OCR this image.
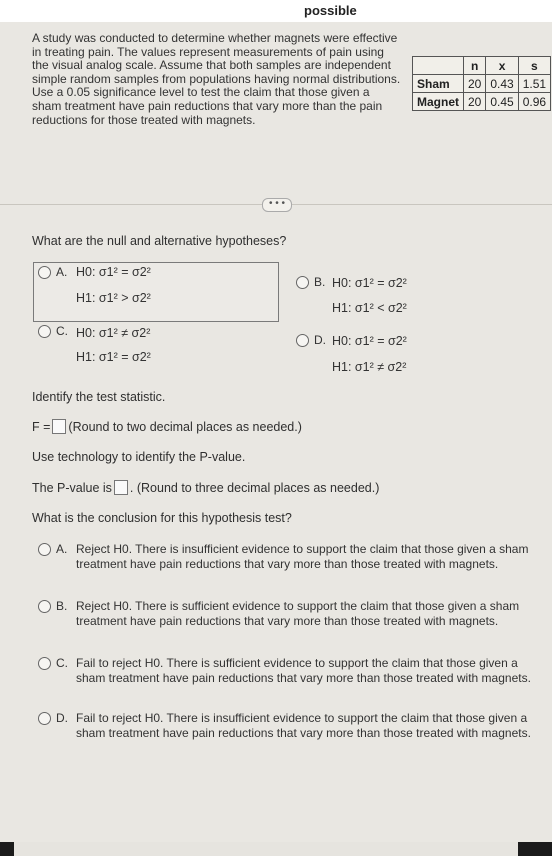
possible
A study was conducted to determine whether magnets were effective in treating pain. The values represent measurements of pain using the visual analog scale. Assume that both samples are independent simple random samples from populations having normal distributions. Use a 0.05 significance level to test the claim that those given a sham treatment have pain reductions that vary more than the pain reductions for those treated with magnets.
	n	x	s
Sham	20	0.43	1.51
Magnet	20	0.45	0.96
• • •
What are the null and alternative hypotheses?
A. H0: σ1² = σ2²
H1: σ1² > σ2²
B. H0: σ1² = σ2²
H1: σ1² < σ2²
C. H0: σ1² ≠ σ2²
H1: σ1² = σ2²
D. H0: σ1² = σ2²
H1: σ1² ≠ σ2²
Identify the test statistic.
F = (Round to two decimal places as needed.)
Use technology to identify the P-value.
The P-value is . (Round to three decimal places as needed.)
What is the conclusion for this hypothesis test?
A. Reject H0. There is insufficient evidence to support the claim that those given a sham treatment have pain reductions that vary more than those treated with magnets.
B. Reject H0. There is sufficient evidence to support the claim that those given a sham treatment have pain reductions that vary more than those treated with magnets.
C. Fail to reject H0. There is sufficient evidence to support the claim that those given a sham treatment have pain reductions that vary more than those treated with magnets.
D. Fail to reject H0. There is insufficient evidence to support the claim that those given a sham treatment have pain reductions that vary more than those treated with magnets.
